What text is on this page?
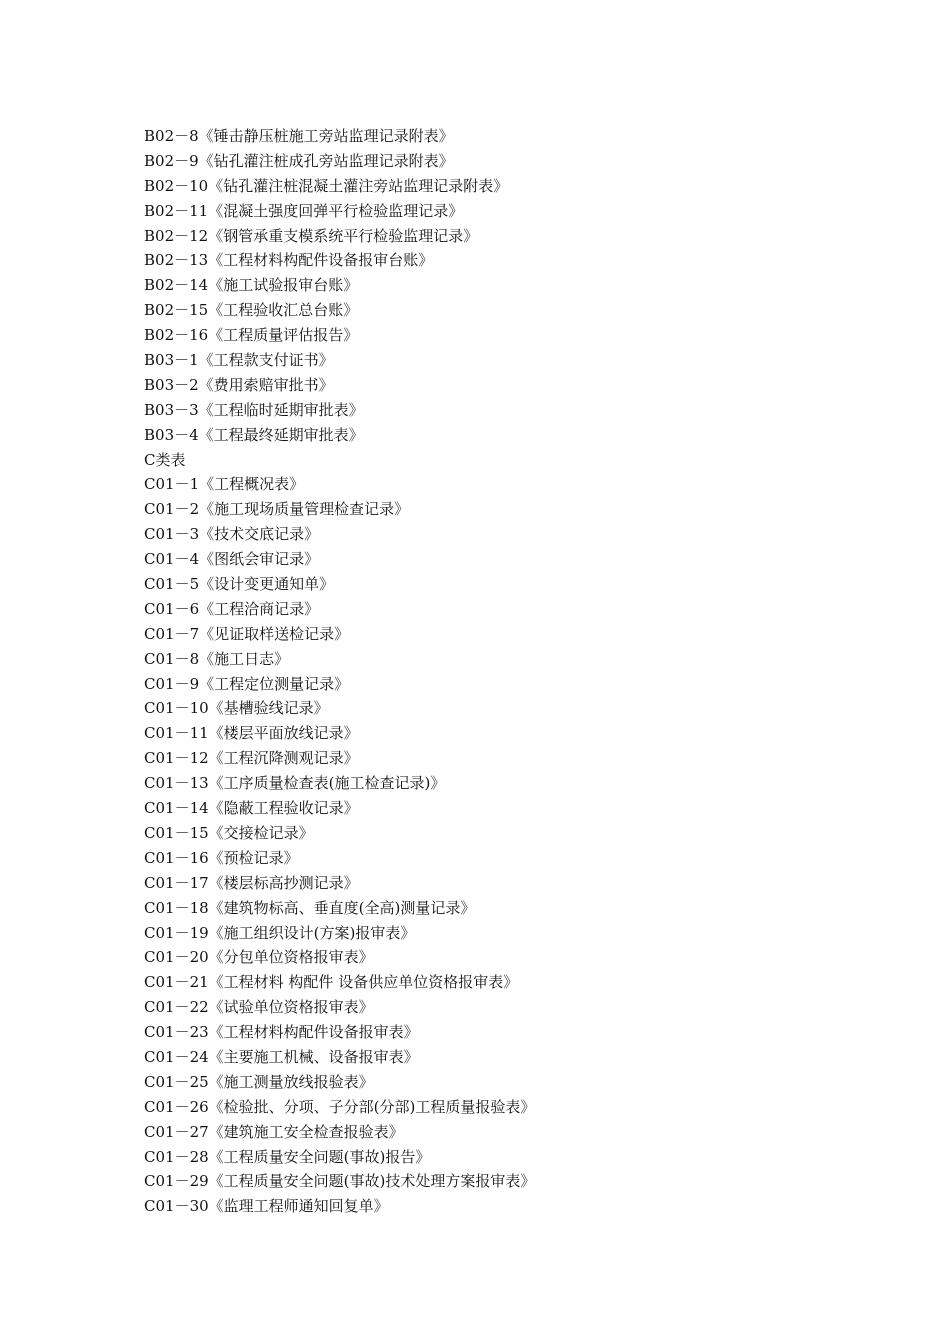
B02－8《锤击静压桩施工旁站监理记录附表》
B02－9《钻孔灌注桩成孔旁站监理记录附表》
B02－10《钻孔灌注桩混凝土灌注旁站监理记录附表》
B02－11《混凝土强度回弹平行检验监理记录》
B02－12《钢管承重支模系统平行检验监理记录》
B02－13《工程材料构配件设备报审台账》
B02－14《施工试验报审台账》
B02－15《工程验收汇总台账》
B02－16《工程质量评估报告》
B03－1《工程款支付证书》
B03－2《费用索赔审批书》
B03－3《工程临时延期审批表》
B03－4《工程最终延期审批表》
C类表
C01－1《工程概况表》
C01－2《施工现场质量管理检查记录》
C01－3《技术交底记录》
C01－4《图纸会审记录》
C01－5《设计变更通知单》
C01－6《工程洽商记录》
C01－7《见证取样送检记录》
C01－8《施工日志》
C01－9《工程定位测量记录》
C01－10《基槽验线记录》
C01－11《楼层平面放线记录》
C01－12《工程沉降测观记录》
C01－13《工序质量检查表(施工检查记录)》
C01－14《隐蔽工程验收记录》
C01－15《交接检记录》
C01－16《预检记录》
C01－17《楼层标高抄测记录》
C01－18《建筑物标高、垂直度(全高)测量记录》
C01－19《施工组织设计(方案)报审表》
C01－20《分包单位资格报审表》
C01－21《工程材料 构配件 设备供应单位资格报审表》
C01－22《试验单位资格报审表》
C01－23《工程材料构配件设备报审表》
C01－24《主要施工机械、设备报审表》
C01－25《施工测量放线报验表》
C01－26《检验批、分项、子分部(分部)工程质量报验表》
C01－27《建筑施工安全检查报验表》
C01－28《工程质量安全问题(事故)报告》
C01－29《工程质量安全问题(事故)技术处理方案报审表》
C01－30《监理工程师通知回复单》
